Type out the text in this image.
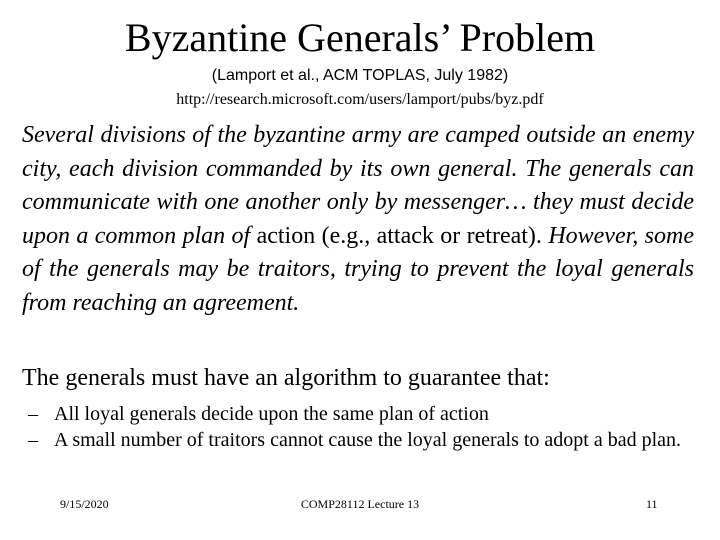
Byzantine Generals’ Problem
(Lamport et al., ACM TOPLAS, July 1982)
http://research.microsoft.com/users/lamport/pubs/byz.pdf
Several divisions of the byzantine army are camped outside an enemy city, each division commanded by its own general. The generals can communicate with one another only by messenger… they must decide upon a common plan of action (e.g., attack or retreat). However, some of the generals may be traitors, trying to prevent the loyal generals from reaching an agreement.
The generals must have an algorithm to guarantee that:
– All loyal generals decide upon the same plan of action
– A small number of traitors cannot cause the loyal generals to adopt a bad plan.
9/15/2020	COMP28112 Lecture 13	11
